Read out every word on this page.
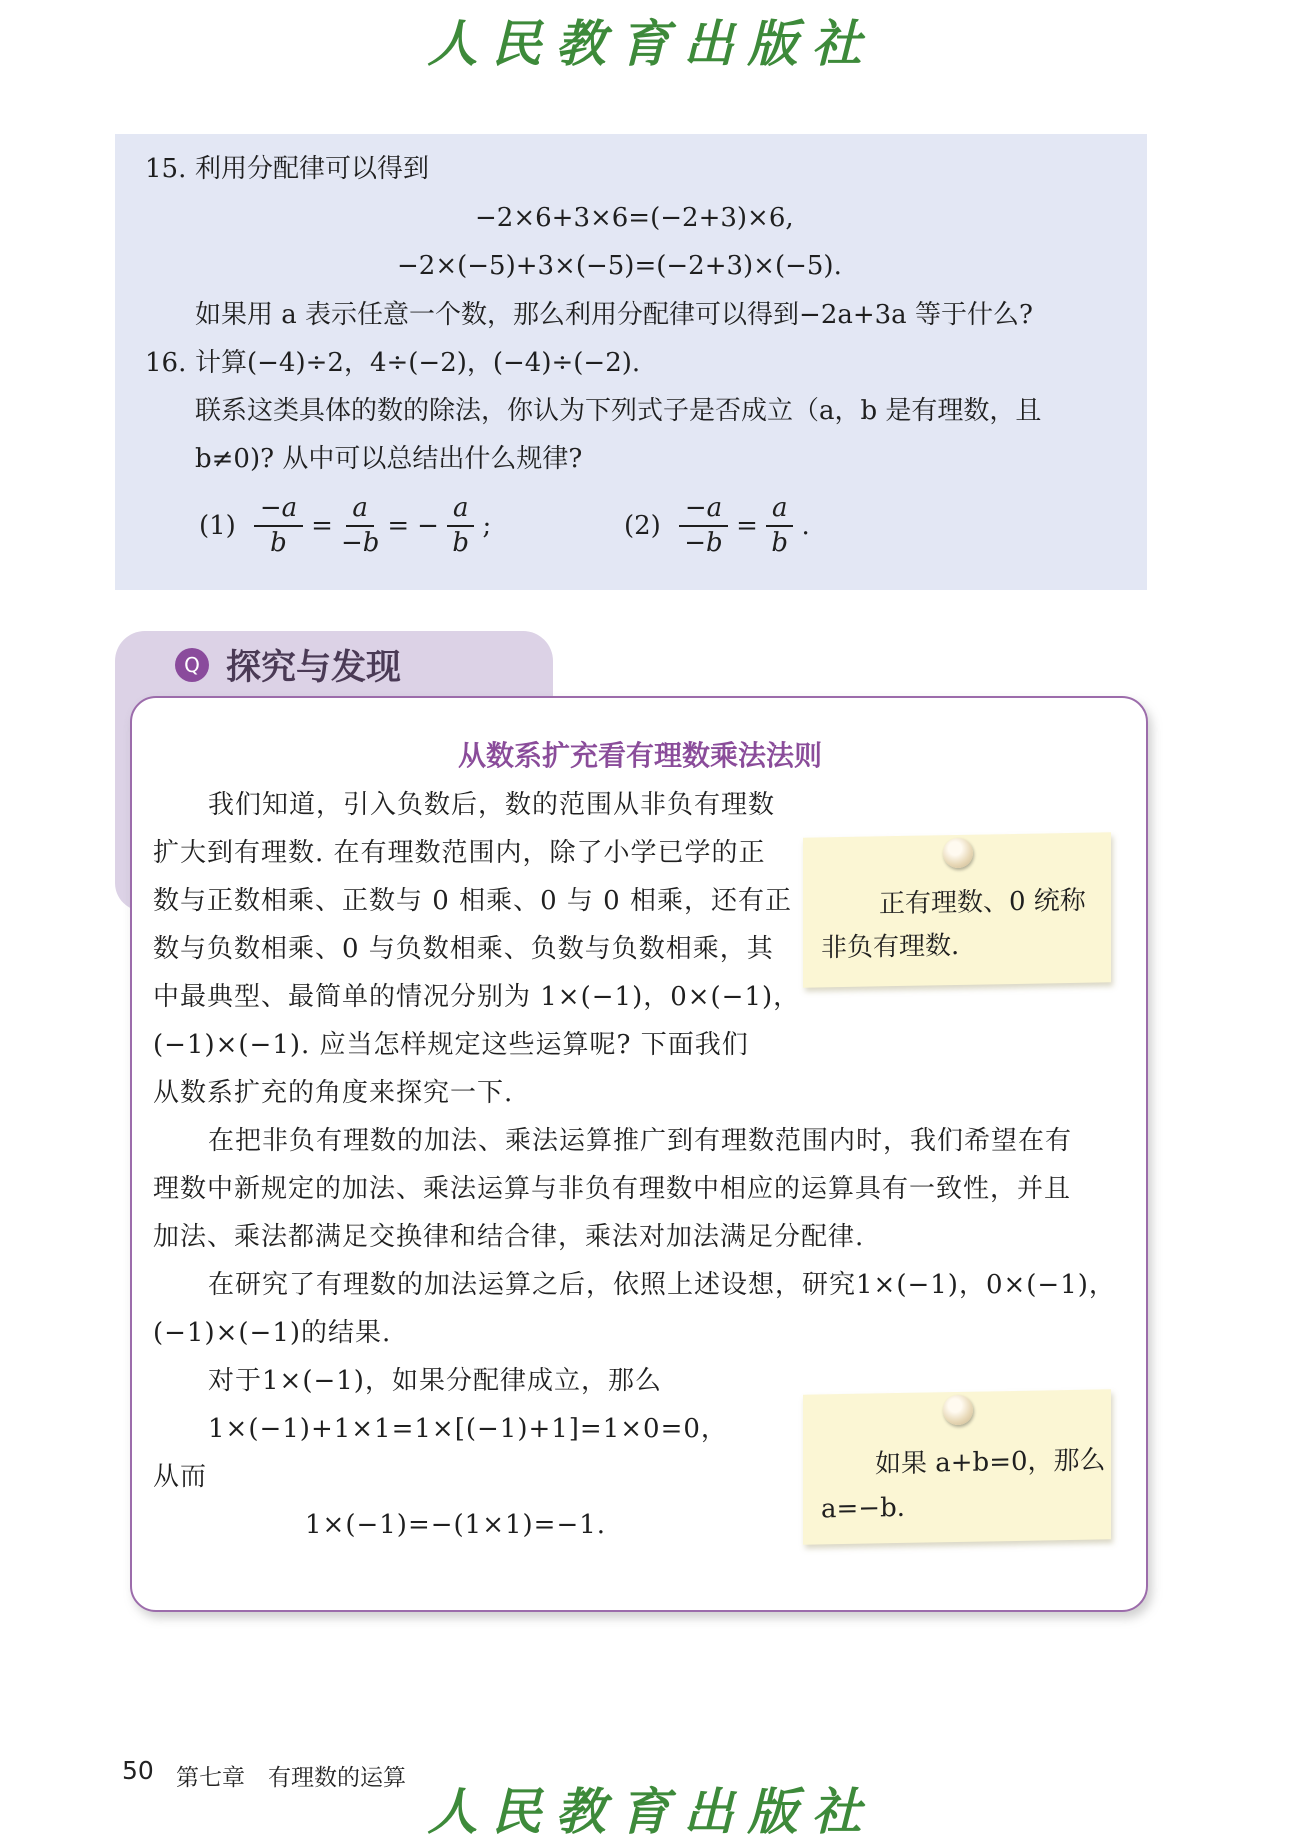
人民教育出版社
15. 利用分配律可以得到
−2×6+3×6=(−2+3)×6,
−2×(−5)+3×(−5)=(−2+3)×(−5).
如果用 a 表示任意一个数，那么利用分配律可以得到−2a+3a 等于什么?
16. 计算(−4)÷2，4÷(−2)，(−4)÷(−2).
联系这类具体的数的除法，你认为下列式子是否成立（a，b 是有理数，且
b≠0)? 从中可以总结出什么规律?
$(1) \frac{-a}{b} = \frac{a}{-b}$ = − $\frac{a}{b}$ ;	$(2) \frac{-a}{-b} = \frac{a}{b}$ .
Q 探究与发现
从数系扩充看有理数乘法法则
我们知道，引入负数后，数的范围从非负有理数
扩大到有理数. 在有理数范围内，除了小学已学的正
数与正数相乘、正数与 0 相乘、0 与 0 相乘，还有正
数与负数相乘、0 与负数相乘、负数与负数相乘，其
中最典型、最简单的情况分别为 1×(−1)，0×(−1)，
(−1)×(−1). 应当怎样规定这些运算呢? 下面我们
从数系扩充的角度来探究一下.
在把非负有理数的加法、乘法运算推广到有理数范围内时，我们希望在有
理数中新规定的加法、乘法运算与非负有理数中相应的运算具有一致性，并且
加法、乘法都满足交换律和结合律，乘法对加法满足分配律.
在研究了有理数的加法运算之后，依照上述设想，研究1×(−1)，0×(−1)，
(−1)×(−1)的结果.
对于1×(−1)，如果分配律成立，那么
1×(−1)+1×1=1×[(−1)+1]=1×0=0，
从而
1×(−1)=−(1×1)=−1.
正有理数、0 统称
非负有理数.
如果 a+b=0，那么
a=−b.
50 第七章　有理数的运算
人民教育出版社
